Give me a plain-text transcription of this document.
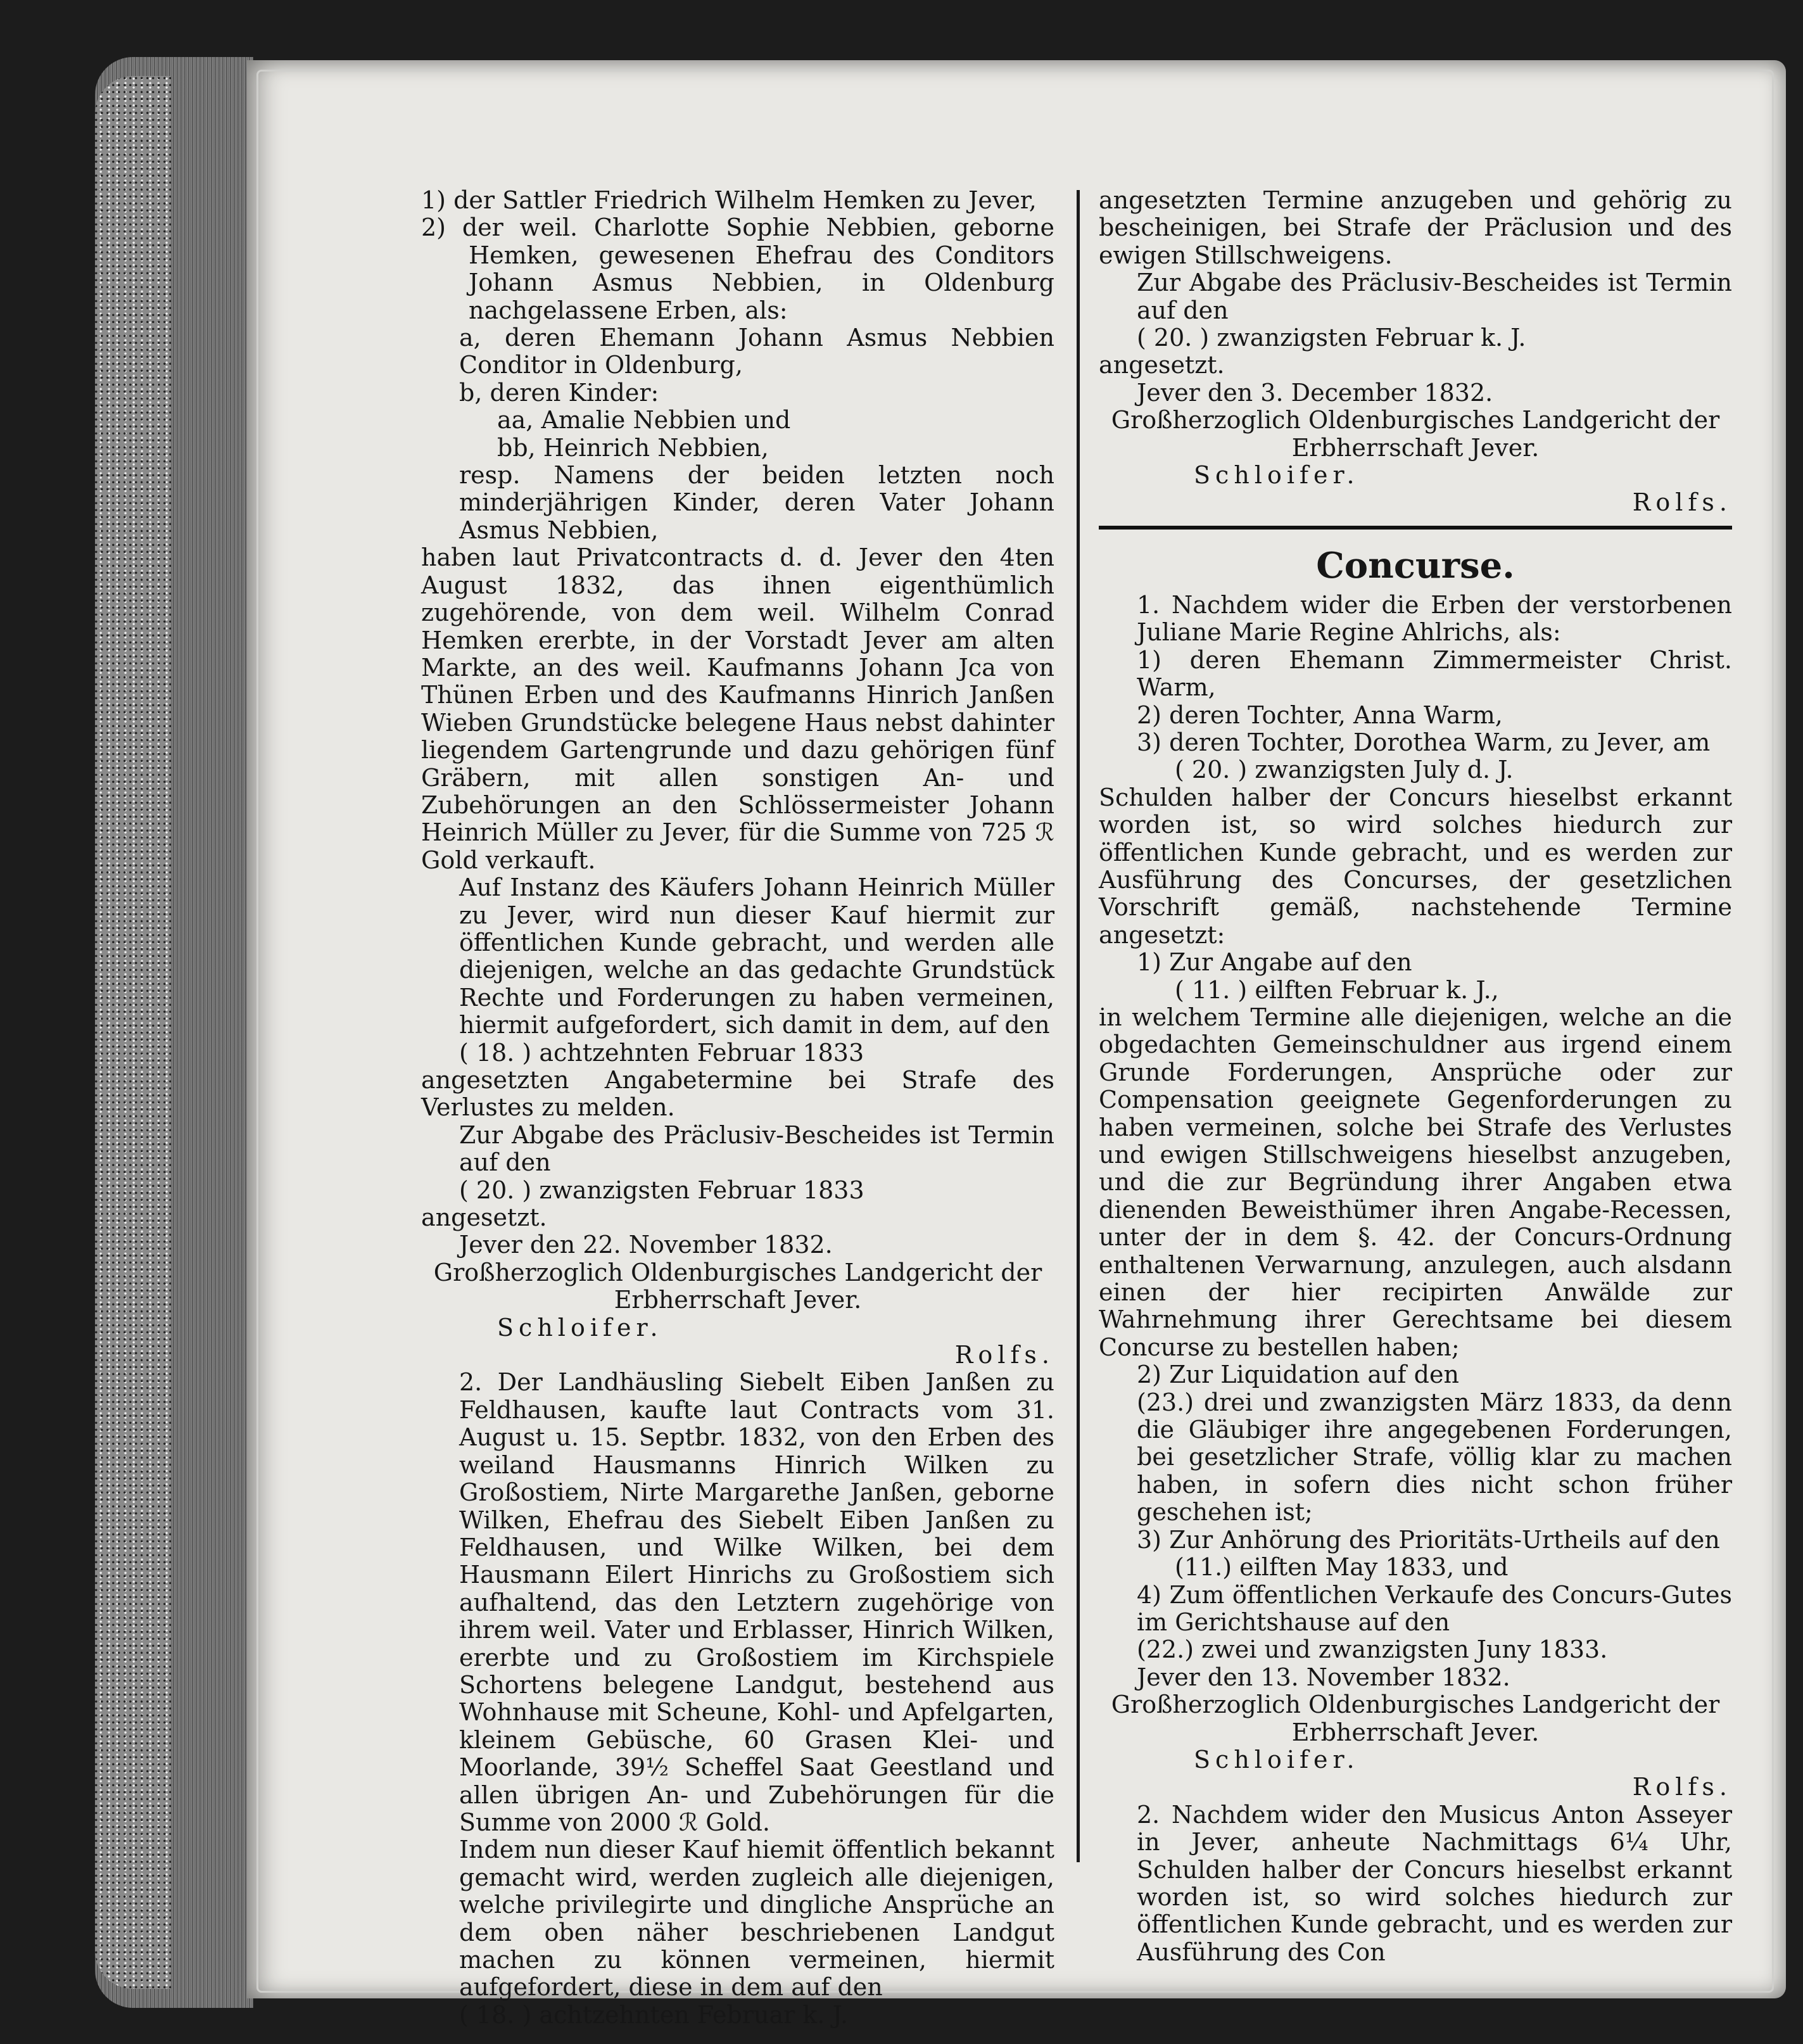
1) der Sattler Friedrich Wilhelm Hemken zu Jever,

2) der weil. Charlotte Sophie Nebbien, geborne Hemken, gewesenen Ehefrau des Conditors Johann Asmus Nebbien, in Oldenburg nachgelassene Erben, als:

a, deren Ehemann Johann Asmus Nebbien Conditor in Oldenburg,

b, deren Kinder:

aa, Amalie Nebbien und

bb, Heinrich Nebbien,

resp. Namens der beiden letzten noch minderjährigen Kinder, deren Vater Johann Asmus Nebbien,

haben laut Privatcontracts d. d. Jever den 4ten August 1832, das ihnen eigenthümlich zugehörende, von dem weil. Wilhelm Conrad Hemken ererbte, in der Vorstadt Jever am alten Markte, an des weil. Kaufmanns Johann Jca von Thünen Erben und des Kaufmanns Hinrich Janßen Wieben Grundstücke belegene Haus nebst dahinter liegendem Gartengrunde und dazu gehörigen fünf Gräbern, mit allen sonstigen An- und Zubehörungen an den Schlössermeister Johann Heinrich Müller zu Jever, für die Summe von 725 ℛ Gold verkauft.

Auf Instanz des Käufers Johann Heinrich Müller zu Jever, wird nun dieser Kauf hiermit zur öffentlichen Kunde gebracht, und werden alle diejenigen, welche an das gedachte Grundstück Rechte und Forderungen zu haben vermeinen, hiermit aufgefordert, sich damit in dem, auf den

( 18. ) achtzehnten Februar 1833

angesetzten Angabetermine bei Strafe des Verlustes zu melden.

Zur Abgabe des Präclusiv-Bescheides ist Termin auf den

( 20. ) zwanzigsten Februar 1833

angesetzt.

Jever den 22. November 1832.

Großherzoglich Oldenburgisches Landgericht der Erbherrschaft Jever.

Schloifer.

Rolfs.

2. Der Landhäusling Siebelt Eiben Janßen zu Feldhausen, kaufte laut Contracts vom 31. August u. 15. Septbr. 1832, von den Erben des weiland Hausmanns Hinrich Wilken zu Großostiem, Nirte Margarethe Janßen, geborne Wilken, Ehefrau des Siebelt Eiben Janßen zu Feldhausen, und Wilke Wilken, bei dem Hausmann Eilert Hinrichs zu Großostiem sich aufhaltend, das den Letztern zugehörige von ihrem weil. Vater und Erblasser, Hinrich Wilken, ererbte und zu Großostiem im Kirchspiele Schortens belegene Landgut, bestehend aus Wohnhause mit Scheune, Kohl- und Apfelgarten, kleinem Gebüsche, 60 Grasen Klei- und Moorlande, 39½ Scheffel Saat Geestland und allen übrigen An- und Zubehörungen für die Summe von 2000 ℛ Gold.

Indem nun dieser Kauf hiemit öffentlich bekannt gemacht wird, werden zugleich alle diejenigen, welche privilegirte und dingliche Ansprüche an dem oben näher beschriebenen Landgut machen zu können vermeinen, hiermit aufgefordert, diese in dem auf den

( 18. ) achtzehnten Februar k. J.

angesetzten Termine anzugeben und gehörig zu bescheinigen, bei Strafe der Präclusion und des ewigen Stillschweigens.

Zur Abgabe des Präclusiv-Bescheides ist Termin auf den

( 20. ) zwanzigsten Februar k. J.

angesetzt.

Jever den 3. December 1832.

Großherzoglich Oldenburgisches Landgericht der Erbherrschaft Jever.

Schloifer.

Rolfs.

Concurse.

1. Nachdem wider die Erben der verstorbenen Juliane Marie Regine Ahlrichs, als:

1) deren Ehemann Zimmermeister Christ. Warm,

2) deren Tochter, Anna Warm,

3) deren Tochter, Dorothea Warm, zu Jever, am

( 20. ) zwanzigsten July d. J.

Schulden halber der Concurs hieselbst erkannt worden ist, so wird solches hiedurch zur öffentlichen Kunde gebracht, und es werden zur Ausführung des Concurses, der gesetzlichen Vorschrift gemäß, nachstehende Termine angesetzt:

1) Zur Angabe auf den

( 11. ) eilften Februar k. J.,

in welchem Termine alle diejenigen, welche an die obgedachten Gemeinschuldner aus irgend einem Grunde Forderungen, Ansprüche oder zur Compensation geeignete Gegenforderungen zu haben vermeinen, solche bei Strafe des Verlustes und ewigen Stillschweigens hieselbst anzugeben, und die zur Begründung ihrer Angaben etwa dienenden Beweisthümer ihren Angabe-Recessen, unter der in dem §. 42. der Concurs-Ordnung enthaltenen Verwarnung, anzulegen, auch alsdann einen der hier recipirten Anwälde zur Wahrnehmung ihrer Gerechtsame bei diesem Concurse zu bestellen haben;

2) Zur Liquidation auf den

(23.) drei und zwanzigsten März 1833, da denn die Gläubiger ihre angegebenen Forderungen, bei gesetzlicher Strafe, völlig klar zu machen haben, in sofern dies nicht schon früher geschehen ist;

3) Zur Anhörung des Prioritäts-Urtheils auf den

(11.) eilften May 1833, und

4) Zum öffentlichen Verkaufe des Concurs-Gutes im Gerichtshause auf den

(22.) zwei und zwanzigsten Juny 1833.

Jever den 13. November 1832.

Großherzoglich Oldenburgisches Landgericht der Erbherrschaft Jever.

Schloifer.

Rolfs.

2. Nachdem wider den Musicus Anton Asseyer in Jever, anheute Nachmittags 6¼ Uhr, Schulden halber der Concurs hieselbst erkannt worden ist, so wird solches hiedurch zur öffentlichen Kunde gebracht, und es werden zur Ausführung des Con
